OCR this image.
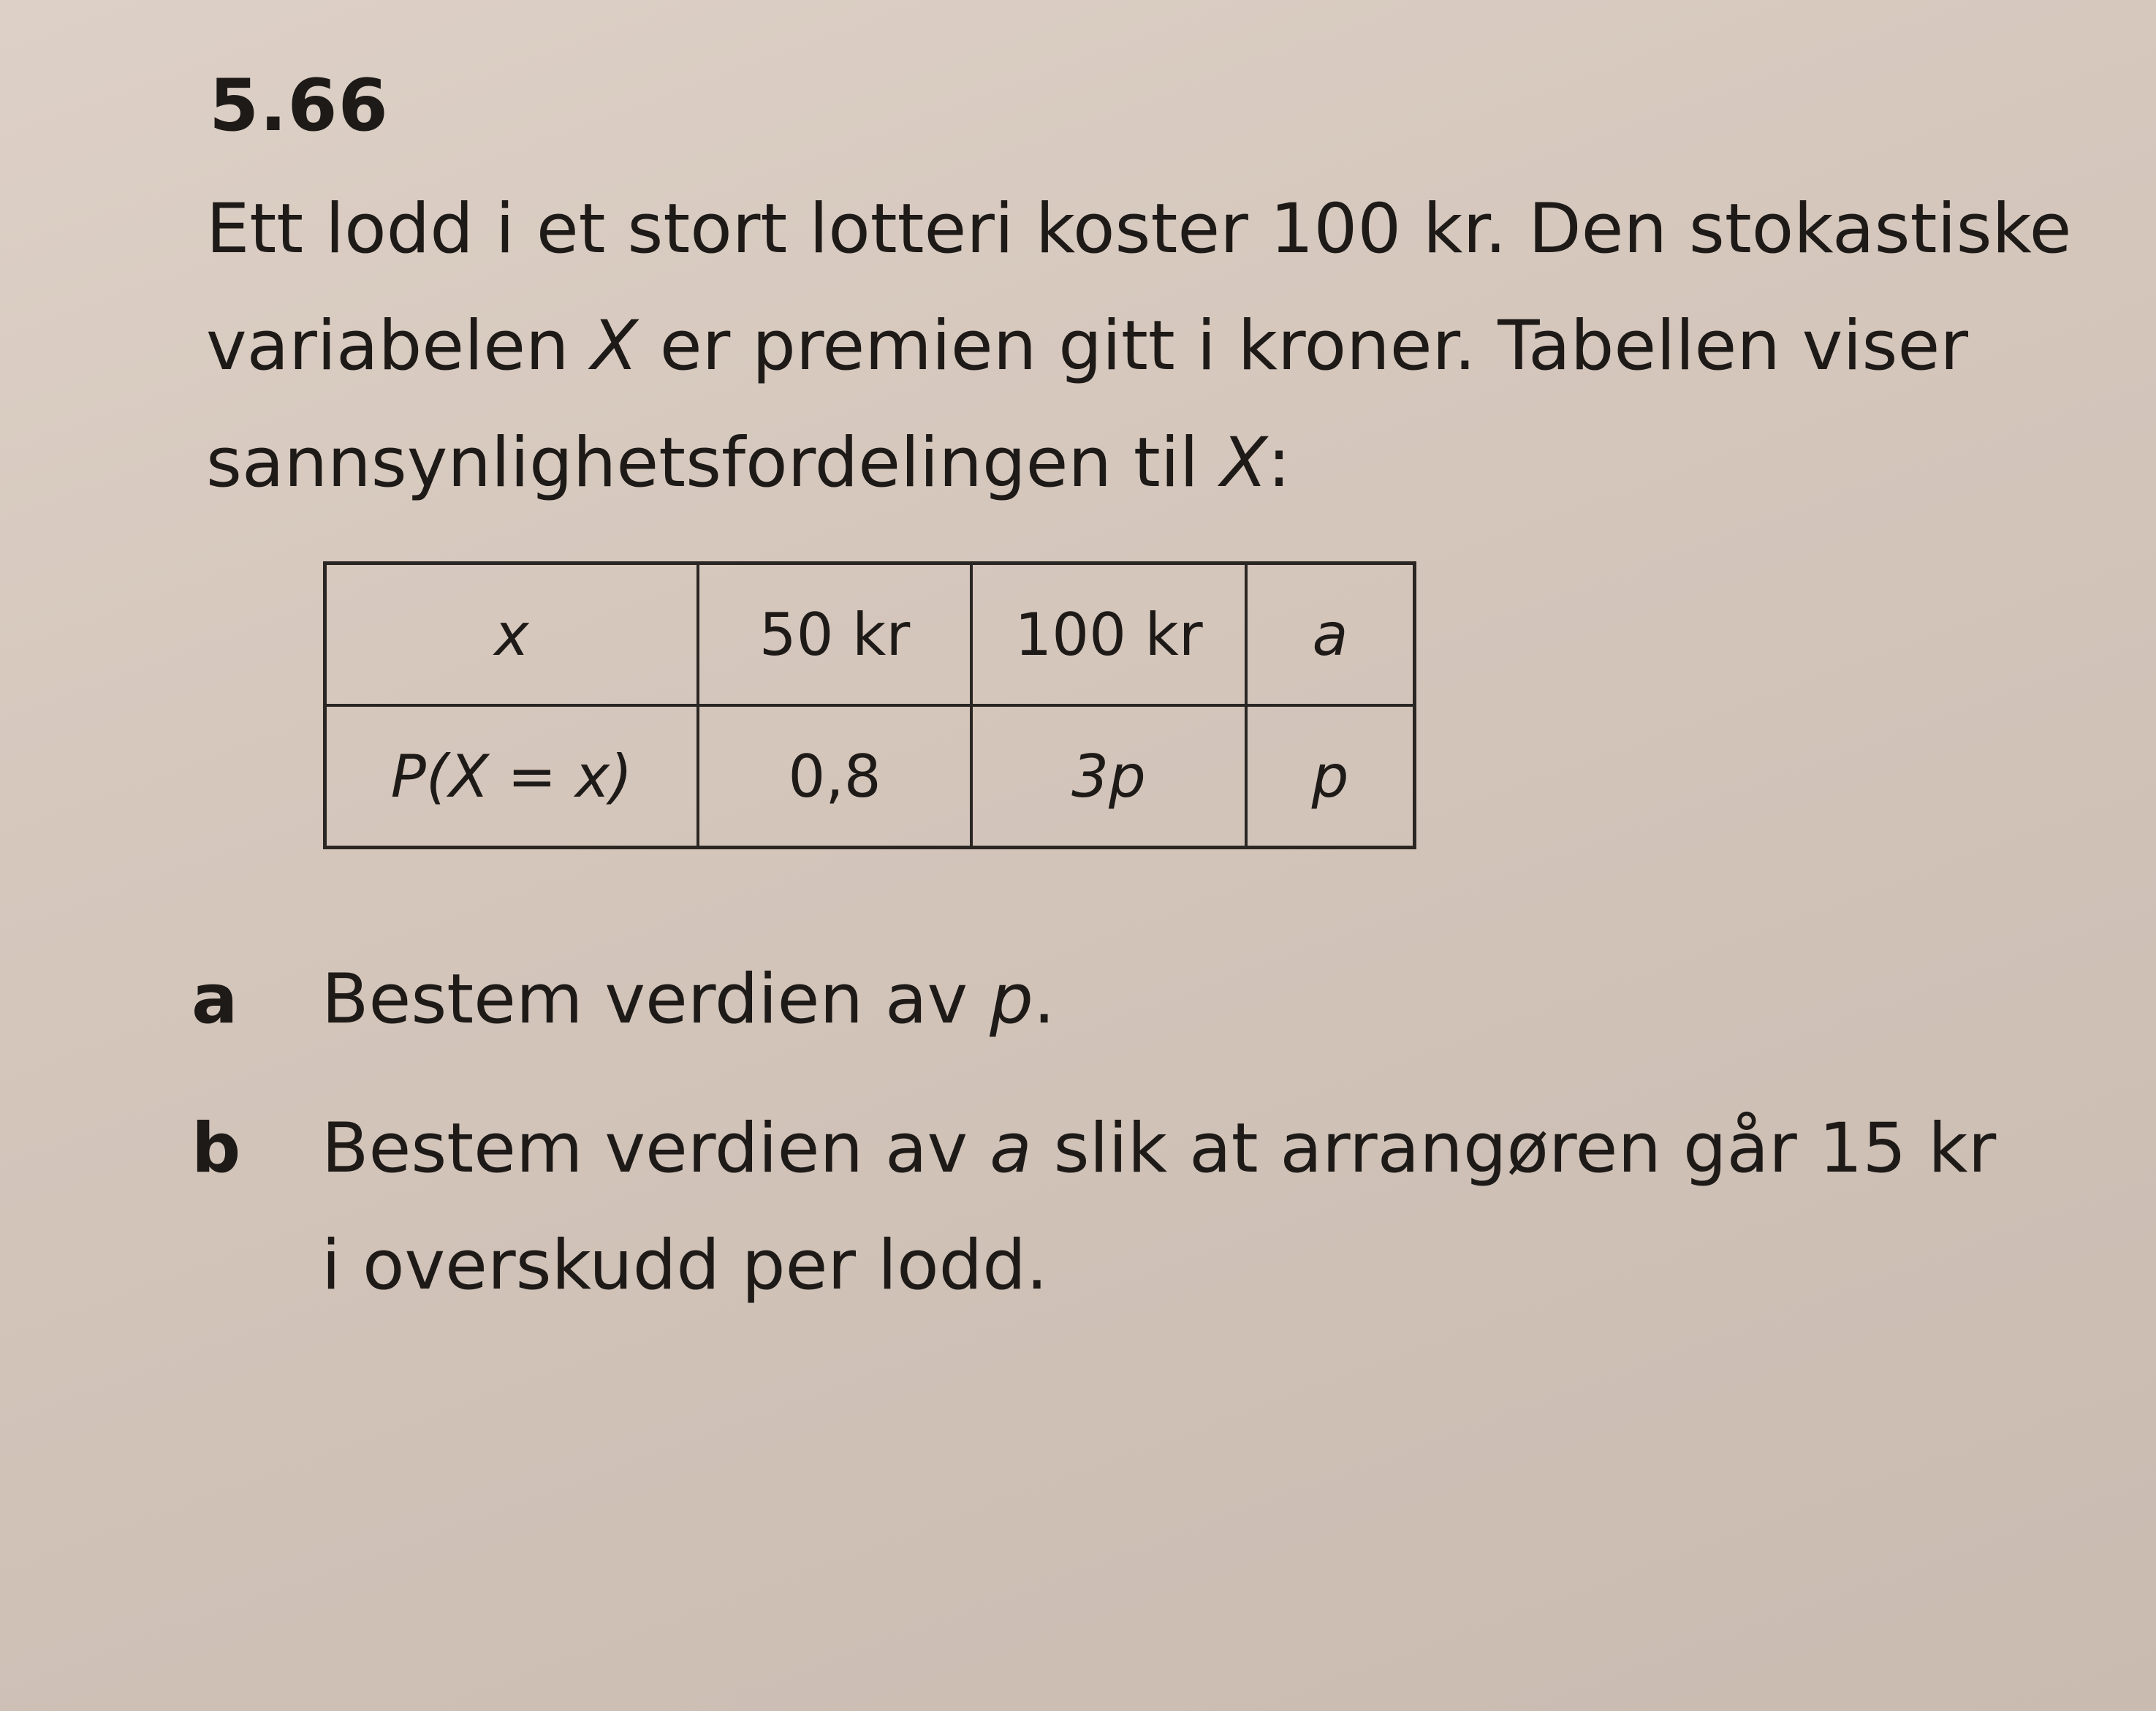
5.66
Ett lodd i et stort lotteri koster 100 kr. Den stokastiske
variabelen X er premien gitt i kroner. Tabellen viser
sannsynlighetsfordelingen til X:
x	50 kr	100 kr	a
P(X = x)	0,8	3p	p
a Bestem verdien av p.
b Bestem verdien av a slik at arrangøren går 15 kr
i overskudd per lodd.
